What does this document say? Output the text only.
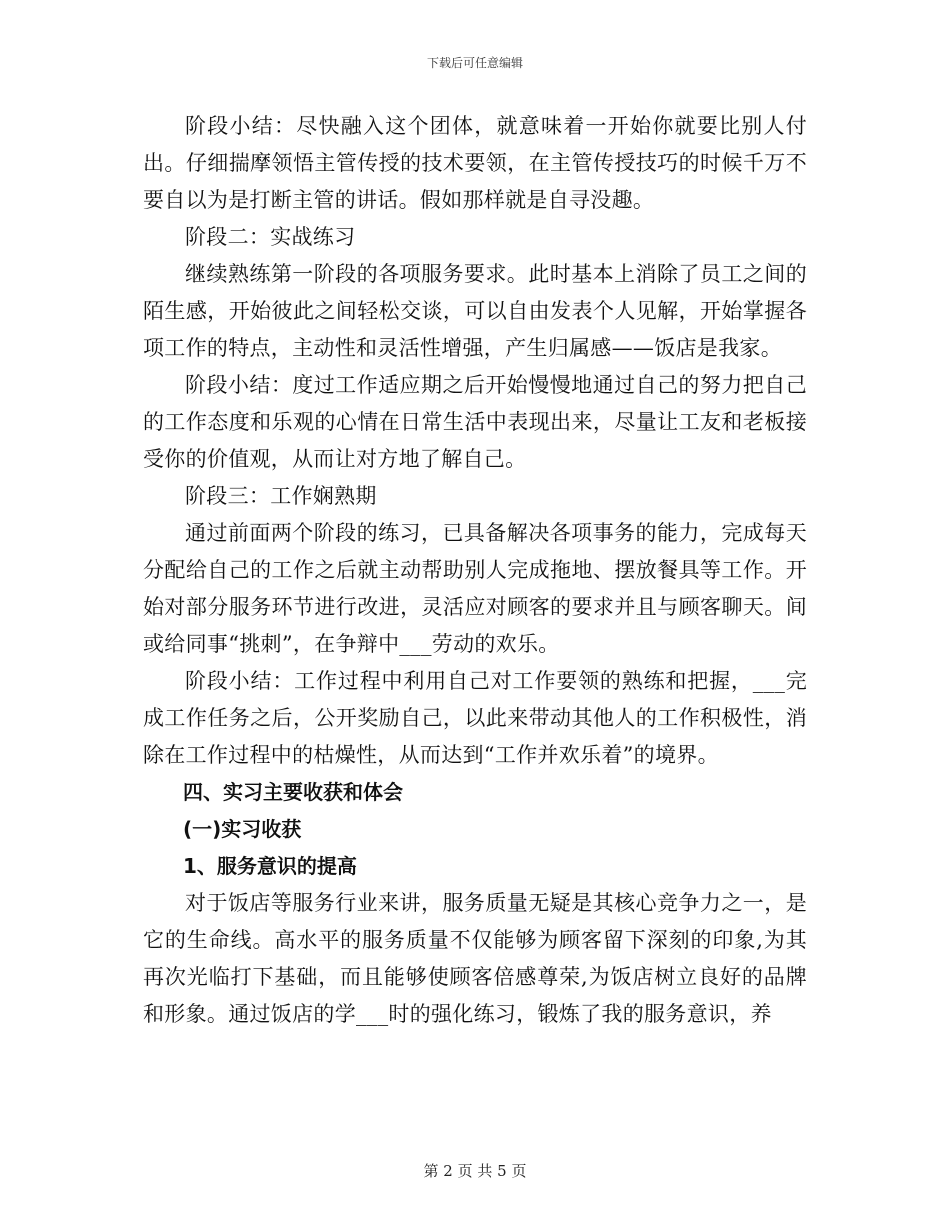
下载后可任意编辑

阶段小结：尽快融入这个团体，就意味着一开始你就要比别人付出。仔细揣摩领悟主管传授的技术要领，在主管传授技巧的时候千万不要自以为是打断主管的讲话。假如那样就是自寻没趣。

阶段二：实战练习

继续熟练第一阶段的各项服务要求。此时基本上消除了员工之间的陌生感，开始彼此之间轻松交谈，可以自由发表个人见解，开始掌握各项工作的特点，主动性和灵活性增强，产生归属感——饭店是我家。

阶段小结：度过工作适应期之后开始慢慢地通过自己的努力把自己的工作态度和乐观的心情在日常生活中表现出来，尽量让工友和老板接受你的价值观，从而让对方地了解自己。

阶段三：工作娴熟期

通过前面两个阶段的练习，已具备解决各项事务的能力，完成每天分配给自己的工作之后就主动帮助别人完成拖地、摆放餐具等工作。开始对部分服务环节进行改进，灵活应对顾客的要求并且与顾客聊天。间或给同事“挑刺”，在争辩中___劳动的欢乐。

阶段小结：工作过程中利用自己对工作要领的熟练和把握，___完成工作任务之后，公开奖励自己，以此来带动其他人的工作积极性，消除在工作过程中的枯燥性，从而达到“工作并欢乐着”的境界。

四、实习主要收获和体会

(一)实习收获

1、服务意识的提高

对于饭店等服务行业来讲，服务质量无疑是其核心竞争力之一，是它的生命线。高水平的服务质量不仅能够为顾客留下深刻的印象,为其再次光临打下基础，而且能够使顾客倍感尊荣,为饭店树立良好的品牌和形象。通过饭店的学___时的强化练习，锻炼了我的服务意识，养

第 2 页 共 5 页
